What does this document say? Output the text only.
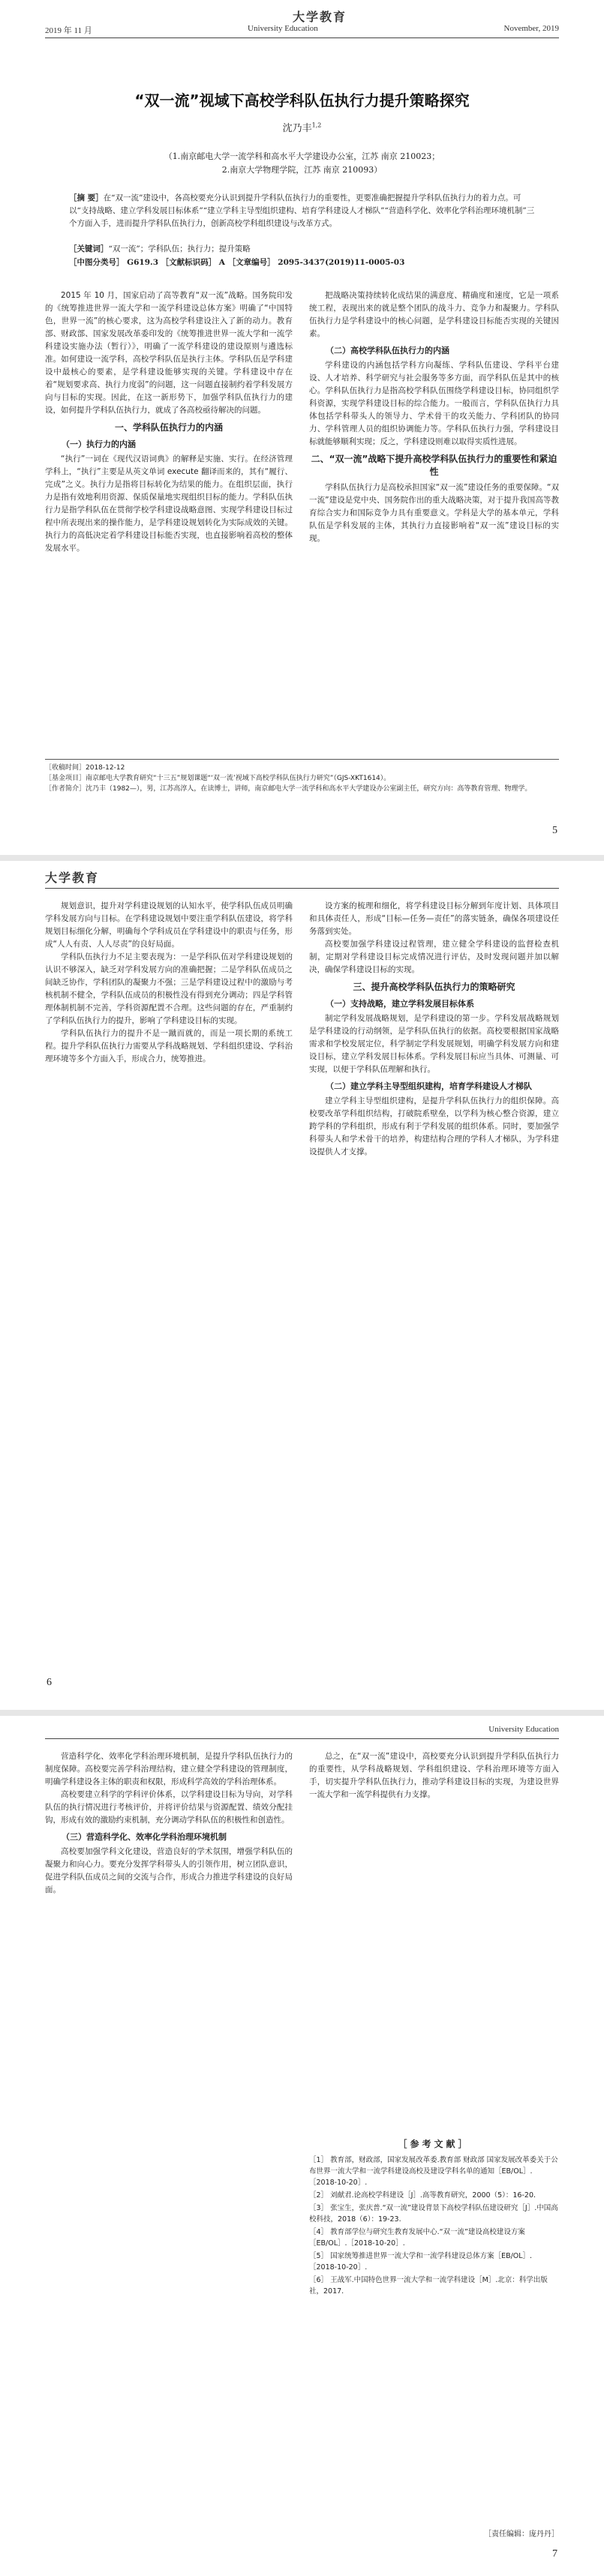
大学教育
2019 年 11 月	University Education	November, 2019
“双一流”视域下高校学科队伍执行力提升策略探究
沈乃丰$^{1,2}$
（1.南京邮电大学一流学科和高水平大学建设办公室，江苏 南京 210023；
2.南京大学物理学院，江苏 南京 210093）
［摘 要］在“双一流”建设中，各高校要充分认识到提升学科队伍执行力的重要性，更要准确把握提升学科队伍执行力的着力点。可以“支持战略、建立学科发展目标体系”“建立学科主导型组织建构、培育学科建设人才梯队”“营造科学化、效率化学科治理环境机制”三个方面入手，进而提升学科队伍执行力，创新高校学科组织建设与改革方式。
［关键词］“双一流”；学科队伍；执行力；提升策略
［中图分类号］ G619.3 ［文献标识码］ A ［文章编号］ 2095-3437(2019)11-0005-03

2015 年 10 月，国家启动了高等教育“双一流”战略。国务院印发的《统筹推进世界一流大学和一流学科建设总体方案》明确了“中国特色，世界一流”的核心要求，这为高校学科建设注入了新的动力。教育部、财政部、国家发展改革委印发的《统筹推进世界一流大学和一流学科建设实施办法（暂行）》，明确了一流学科建设的建设原则与遴选标准。如何建设一流学科，高校学科队伍是执行主体。学科队伍是学科建设中最核心的要素，是学科建设能够实现的关键。学科建设中存在着“规划要求高、执行力度弱”的问题，这一问题直接制约着学科发展方向与目标的实现。因此，在这一新形势下，加强学科队伍执行力的建设，如何提升学科队伍执行力，就成了各高校亟待解决的问题。

一、学科队伍执行力的内涵
（一）执行力的内涵

“执行”一词在《现代汉语词典》的解释是实施、实行。在经济管理学科上，“执行”主要是从英文单词 execute 翻译而来的，其有“履行、完成”之义。执行力是指将目标转化为结果的能力。在组织层面，执行力是指有效地利用资源、保质保量地实现组织目标的能力。学科队伍执行力是指学科队伍在贯彻学校学科建设战略意图、实现学科建设目标过程中所表现出来的操作能力，是学科建设规划转化为实际成效的关键。执行力的高低决定着学科建设目标能否实现，也直接影响着高校的整体发展水平。

把战略决策持续转化成结果的满意度、精确度和速度，它是一项系统工程，表现出来的就是整个团队的战斗力、竞争力和凝聚力。学科队伍执行力是学科建设中的核心问题，是学科建设目标能否实现的关键因素。

（二）高校学科队伍执行力的内涵

学科建设的内涵包括学科方向凝练、学科队伍建设、学科平台建设、人才培养、科学研究与社会服务等多方面，而学科队伍是其中的核心。学科队伍执行力是指高校学科队伍围绕学科建设目标，协同组织学科资源，实现学科建设目标的综合能力。一般而言，学科队伍执行力具体包括学科带头人的领导力、学术骨干的攻关能力、学科团队的协同力、学科管理人员的组织协调能力等。学科队伍执行力强，学科建设目标就能够顺利实现；反之，学科建设则难以取得实质性进展。

二、“双一流”战略下提升高校学科队伍执行力的重要性和紧迫性

学科队伍执行力是高校承担国家“双一流”建设任务的重要保障。“双一流”建设是党中央、国务院作出的重大战略决策，对于提升我国高等教育综合实力和国际竞争力具有重要意义。学科是大学的基本单元，学科队伍是学科发展的主体，其执行力直接影响着“双一流”建设目标的实现。

［收稿时间］2018-12-12
［基金项目］南京邮电大学教育研究“十三五”规划课题“‘双一流’视域下高校学科队伍执行力研究”（GJS-XKT1614）。
［作者简介］沈乃丰（1982—），男，江苏高淳人，在读博士，讲师，南京邮电大学一流学科和高水平大学建设办公室副主任，研究方向：高等教育管理、物理学。
5
大学教育

规划意识，提升对学科建设规划的认知水平，使学科队伍成员明确学科发展方向与目标。在学科建设规划中要注重学科队伍建设，将学科规划目标细化分解，明确每个学科成员在学科建设中的职责与任务，形成“人人有责、人人尽责”的良好局面。

学科队伍执行力不足主要表现为：一是学科队伍对学科建设规划的认识不够深入，缺乏对学科发展方向的准确把握；二是学科队伍成员之间缺乏协作，学科团队的凝聚力不强；三是学科建设过程中的激励与考核机制不健全，学科队伍成员的积极性没有得到充分调动；四是学科管理体制机制不完善，学科资源配置不合理。这些问题的存在，严重制约了学科队伍执行力的提升，影响了学科建设目标的实现。

学科队伍执行力的提升不是一蹴而就的，而是一项长期的系统工程。提升学科队伍执行力需要从学科战略规划、学科组织建设、学科治理环境等多个方面入手，形成合力，统筹推进。

设方案的梳理和细化，将学科建设目标分解到年度计划、具体项目和具体责任人，形成“目标—任务—责任”的落实链条，确保各项建设任务落到实处。

高校要加强学科建设过程管理，建立健全学科建设的监督检查机制，定期对学科建设目标完成情况进行评估，及时发现问题并加以解决，确保学科建设目标的实现。

三、提升高校学科队伍执行力的策略研究
（一）支持战略，建立学科发展目标体系

制定学科发展战略规划，是学科建设的第一步。学科发展战略规划是学科建设的行动纲领，是学科队伍执行的依据。高校要根据国家战略需求和学校发展定位，科学制定学科发展规划，明确学科发展方向和建设目标，建立学科发展目标体系。学科发展目标应当具体、可测量、可实现，以便于学科队伍理解和执行。

（二）建立学科主导型组织建构，培育学科建设人才梯队

建立学科主导型组织建构，是提升学科队伍执行力的组织保障。高校要改革学科组织结构，打破院系壁垒，以学科为核心整合资源，建立跨学科的学科组织，形成有利于学科发展的组织体系。同时，要加强学科带头人和学术骨干的培养，构建结构合理的学科人才梯队，为学科建设提供人才支撑。

6
University Education

营造科学化、效率化学科治理环境机制，是提升学科队伍执行力的制度保障。高校要完善学科治理结构，建立健全学科建设的管理制度，明确学科建设各主体的职责和权限，形成科学高效的学科治理体系。

高校要建立科学的学科评价体系，以学科建设目标为导向，对学科队伍的执行情况进行考核评价，并将评价结果与资源配置、绩效分配挂钩，形成有效的激励约束机制，充分调动学科队伍的积极性和创造性。

（三）营造科学化、效率化学科治理环境机制

高校要加强学科文化建设，营造良好的学术氛围，增强学科队伍的凝聚力和向心力。要充分发挥学科带头人的引领作用，树立团队意识，促进学科队伍成员之间的交流与合作，形成合力推进学科建设的良好局面。

总之，在“双一流”建设中，高校要充分认识到提升学科队伍执行力的重要性，从学科战略规划、学科组织建设、学科治理环境等方面入手，切实提升学科队伍执行力，推动学科建设目标的实现，为建设世界一流大学和一流学科提供有力支撑。

［参考文献］
［1］ 教育部，财政部，国家发展改革委.教育部 财政部 国家发展改革委关于公布世界一流大学和一流学科建设高校及建设学科名单的通知［EB/OL］.［2018-10-20］.
［2］ 刘献君.论高校学科建设［J］.高等教育研究，2000（5）：16-20.
［3］ 张宝生，张庆普.“双一流”建设背景下高校学科队伍建设研究［J］.中国高校科技，2018（6）：19-23.
［4］ 教育部学位与研究生教育发展中心.“双一流”建设高校建设方案［EB/OL］.［2018-10-20］.
［5］ 国家统筹推进世界一流大学和一流学科建设总体方案［EB/OL］.［2018-10-20］.
［6］ 王战军.中国特色世界一流大学和一流学科建设［M］.北京：科学出版社，2017.
［责任编辑：庞丹丹］
7
